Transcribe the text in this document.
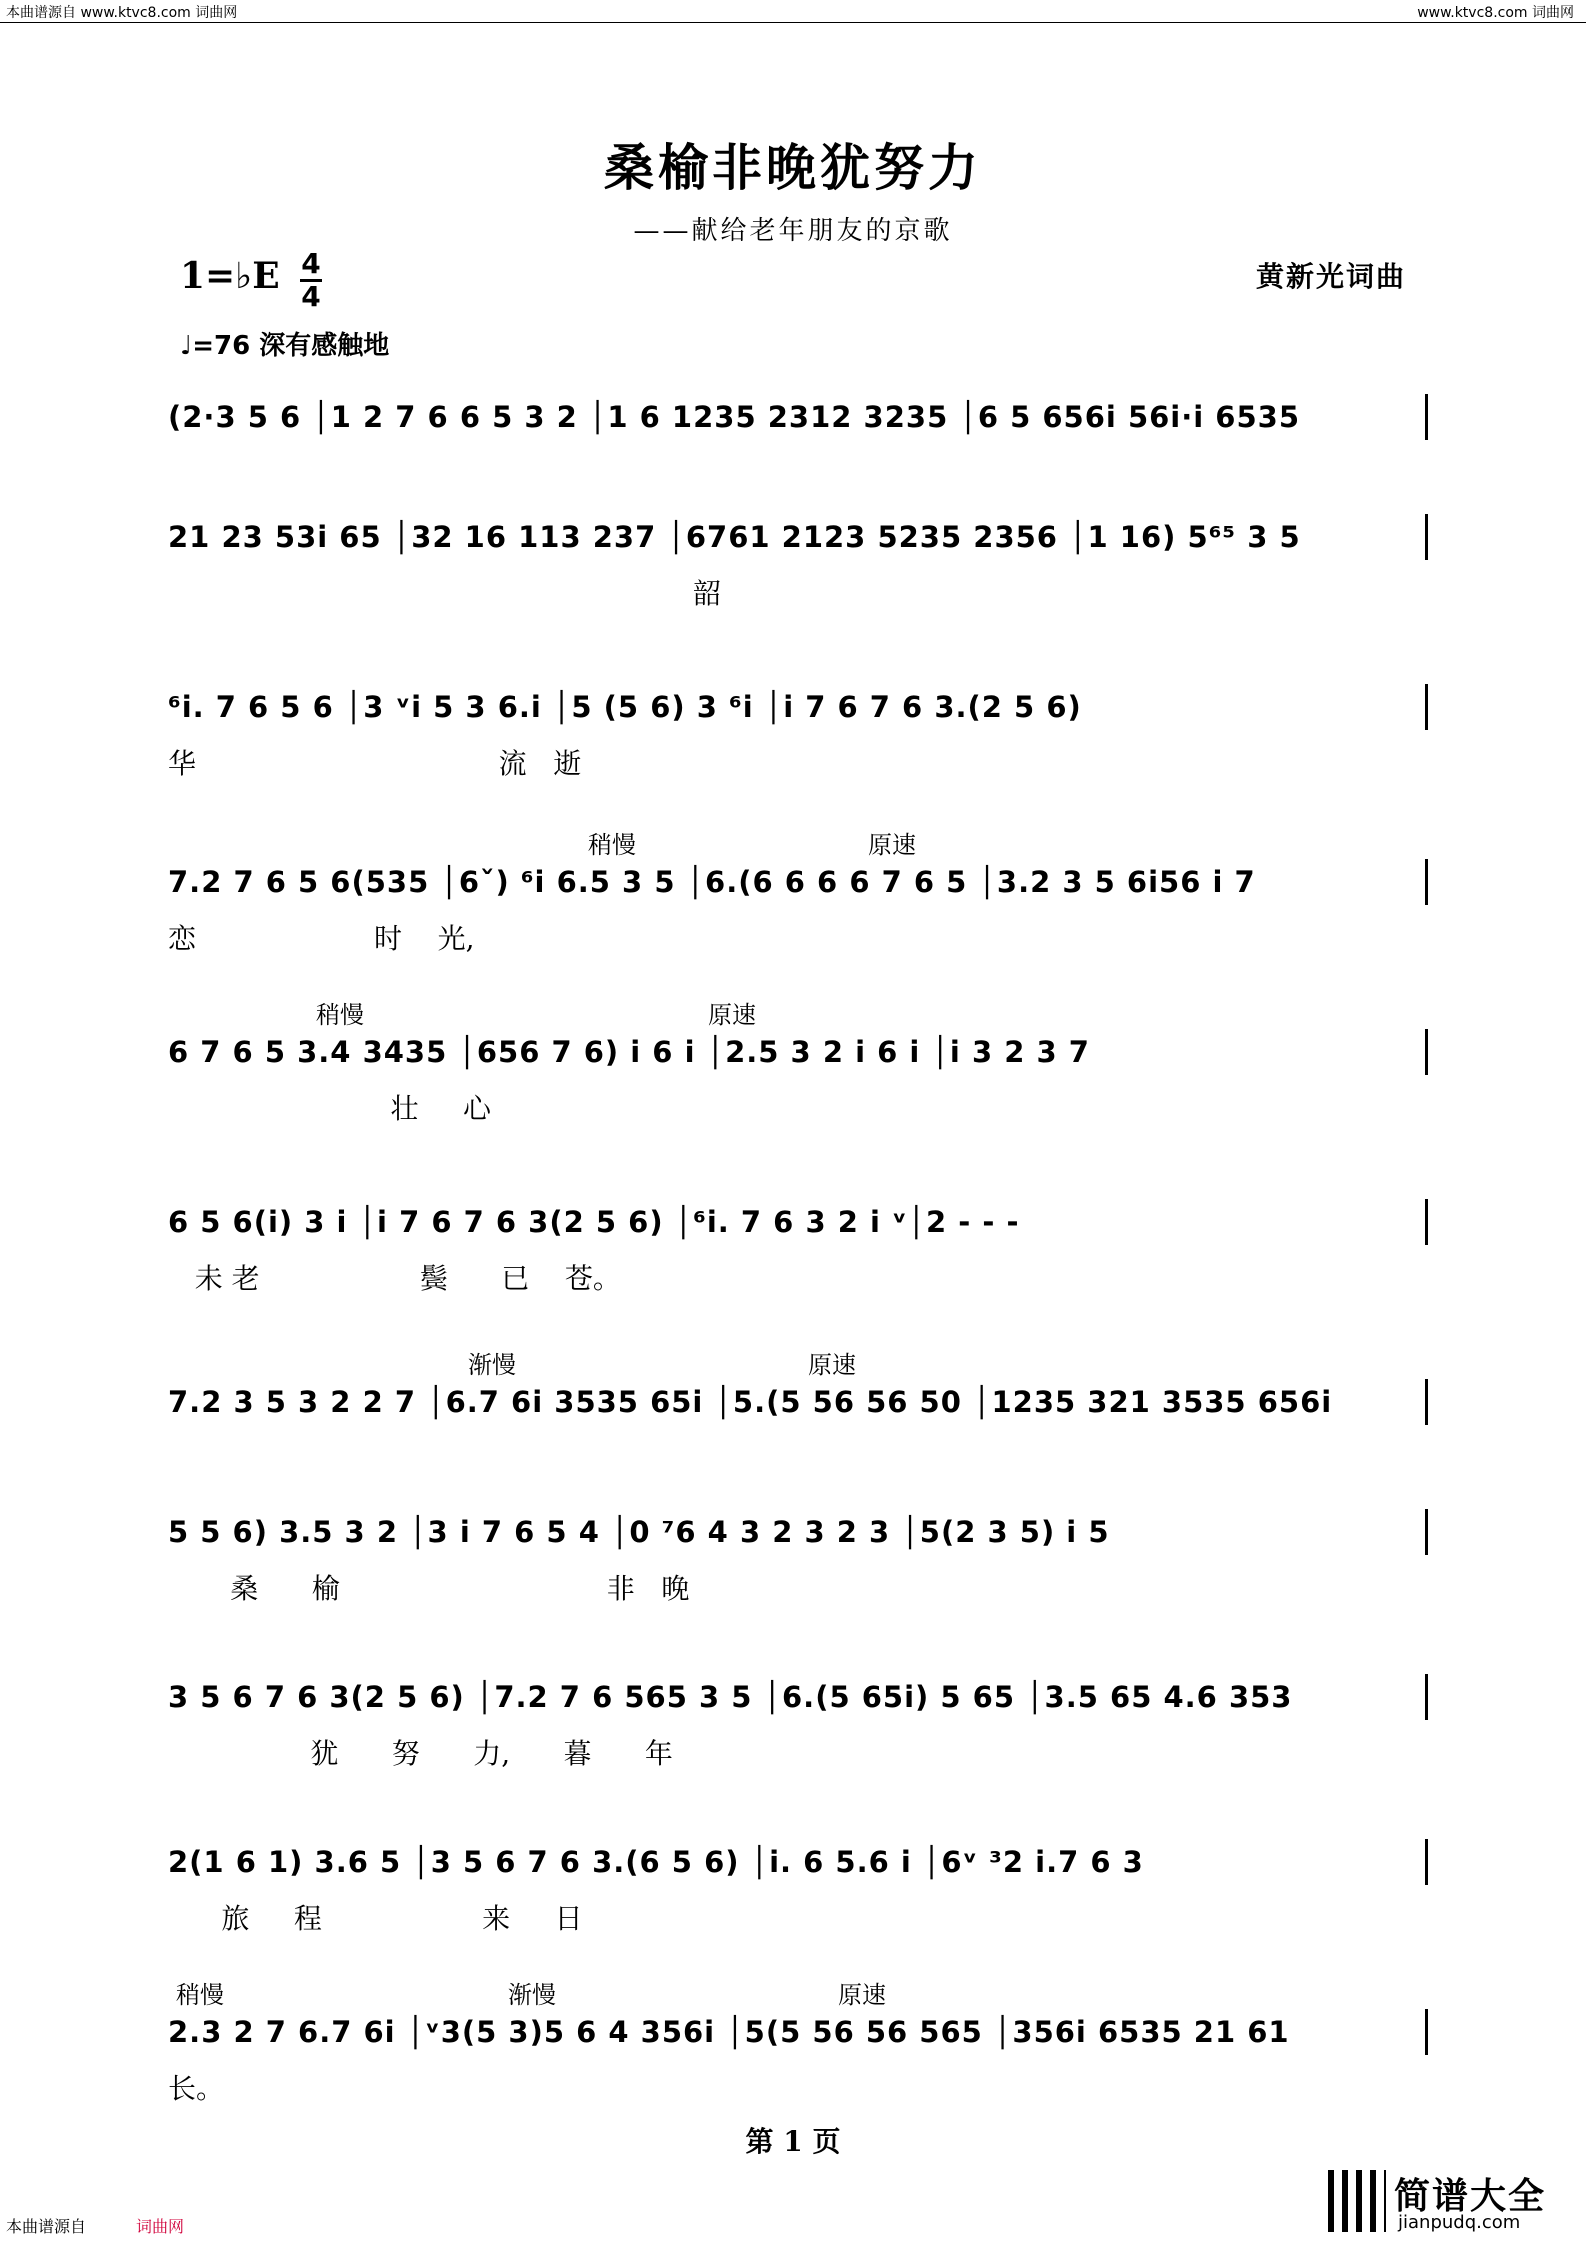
本曲谱源自 www.ktvc8.com 词曲网	www.ktvc8.com 词曲网
桑榆非晚犹努力
——献给老年朋友的京歌
1=♭E 4
4
黄新光词曲
♩=76 深有感触地
(2·3 5 6 │1 2 7 6 6 5 3 2 │1 6 1235 2312 3235 │6 5 656i 56i·i 6535
21 23 53i 65 │32 16 113 237 │6761 2123 5235 2356 │1 16) 5⁶⁵ 3 5
韶
⁶i. 7 6 5 6 │3 ᵛi 5 3 6.i │5 (5 6) 3 ⁶i │i 7 6 7 6 3.(2 5 6)
华                                  流   逝
7.2 7 6 5 6(535 │6ˇ) ⁶i 6.5 3 5 │6.(6 6 6 6 7 6 5 │3.2 3 5 6i56 i 7
恋                    时    光,
稍慢	原速
6 7 6 5 3.4 3435 │656 7 6) i 6 i │2.5 3 2 i 6 i │i 3 2 3 7
壮     心
稍慢	原速
6 5 6(i) 3 i │i 7 6 7 6 3(2 5 6) │⁶i. 7 6 3 2 i ᵛ│2 - - -
未 老                  鬓      已    苍。
7.2 3 5 3 2 2 7 │6.7 6i 3535 65i │5.(5 56 56 50 │1235 321 3535 656i
渐慢	原速
5 5 6) 3.5 3 2 │3 i 7 6 5 4 │0 ⁷6 4 3 2 3 2 3 │5(2 3 5) i 5
桑      榆                              非   晚
3 5 6 7 6 3(2 5 6) │7.2 7 6 565 3 5 │6.(5 65i) 5 65 │3.5 65 4.6 353
犹      努      力,      暮      年
2(1 6 1) 3.6 5 │3 5 6 7 6 3.(6 5 6) │i. 6 5.6 i │6ᵛ ³2 i.7 6 3
旅     程                  来     日
2.3 2 7 6.7 6i │ᵛ3(5 3)5 6 4 356i │5(5 56 56 565 │356i 6535 21 61
长。
稍慢	渐慢	原速
第 1 页
本曲谱源自	词曲网
简谱大全
jianpudq.com
